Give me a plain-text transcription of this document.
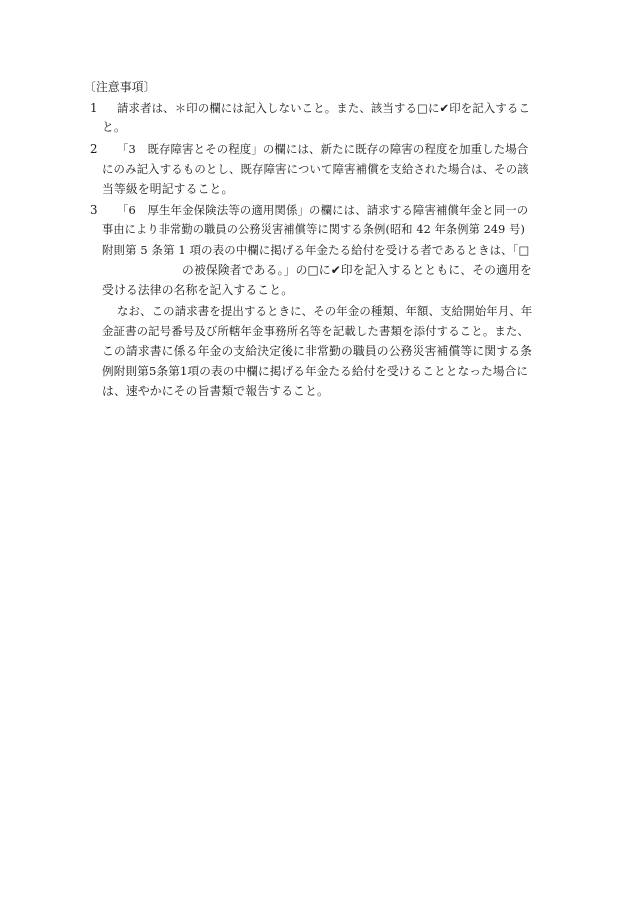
〔注意事項〕
1 請求者は、＊印の欄には記入しないこと。また、該当する□に✔印を記入するこ
と。
2 「3　既存障害とその程度」の欄には、新たに既存の障害の程度を加重した場合
にのみ記入するものとし、既存障害について障害補償を支給された場合は、その該
当等級を明記すること。
3 「6　厚生年金保険法等の適用関係」の欄には、請求する障害補償年金と同一の
事由により非常勤の職員の公務災害補償等に関する条例(昭和 42 年条例第 249 号)
附則第 5 条第 1 項の表の中欄に掲げる年金たる給付を受ける者であるときは、「□
の被保険者である。」の□に✔印を記入するとともに、その適用を
受ける法律の名称を記入すること。
なお、この請求書を提出するときに、その年金の種類、年額、支給開始年月、年
金証書の記号番号及び所轄年金事務所名等を記載した書類を添付すること。また、
この請求書に係る年金の支給決定後に非常勤の職員の公務災害補償等に関する条
例附則第5条第1項の表の中欄に掲げる年金たる給付を受けることとなった場合に
は、速やかにその旨書類で報告すること。
